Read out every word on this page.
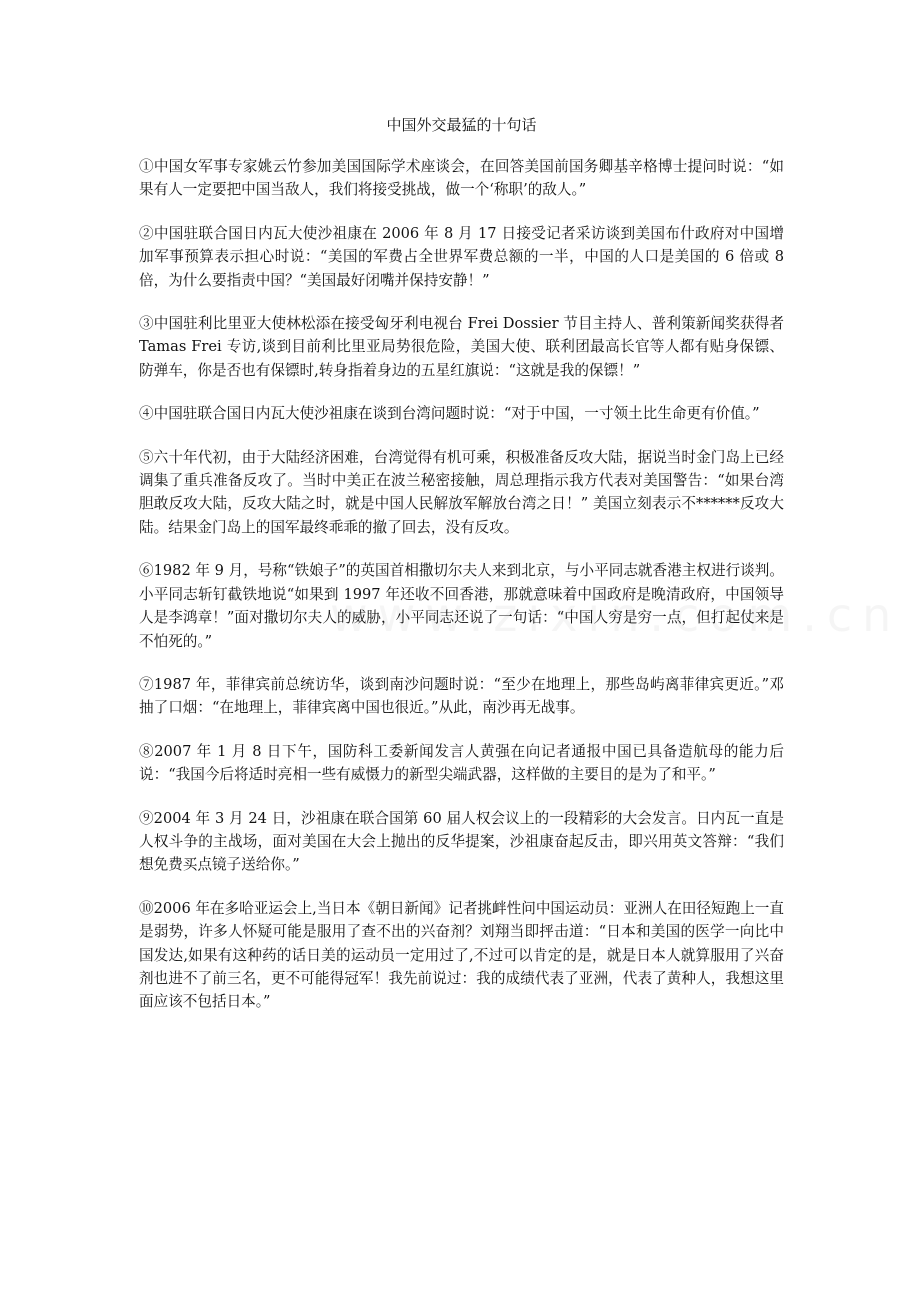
中国外交最猛的十句话

①中国女军事专家姚云竹参加美国国际学术座谈会，在回答美国前国务卿基辛格博士提问时说：“如果有人一定要把中国当敌人，我们将接受挑战，做一个‘称职’的敌人。”

②中国驻联合国日内瓦大使沙祖康在 2006 年 8 月 17 日接受记者采访谈到美国布什政府对中国增加军事预算表示担心时说：“美国的军费占全世界军费总额的一半，中国的人口是美国的 6 倍或 8 倍，为什么要指责中国？“美国最好闭嘴并保持安静！”

③中国驻利比里亚大使林松添在接受匈牙利电视台 Frei Dossier 节目主持人、普利策新闻奖获得者 Tamas Frei 专访,谈到目前利比里亚局势很危险，美国大使、联利团最高长官等人都有贴身保镖、防弹车，你是否也有保镖时,转身指着身边的五星红旗说：“这就是我的保镖！”

④中国驻联合国日内瓦大使沙祖康在谈到台湾问题时说：“对于中国，一寸领土比生命更有价值。”

⑤六十年代初，由于大陆经济困难，台湾觉得有机可乘，积极准备反攻大陆，据说当时金门岛上已经调集了重兵准备反攻了。当时中美正在波兰秘密接触，周总理指示我方代表对美国警告：“如果台湾胆敢反攻大陆，反攻大陆之时，就是中国人民解放军解放台湾之日！” 美国立刻表示不******反攻大陆。结果金门岛上的国军最终乖乖的撤了回去，没有反攻。

⑥1982 年 9 月，号称“铁娘子”的英国首相撒切尔夫人来到北京，与小平同志就香港主权进行谈判。小平同志斩钉截铁地说“如果到 1997 年还收不回香港，那就意味着中国政府是晚清政府，中国领导人是李鸿章！”面对撒切尔夫人的威胁，小平同志还说了一句话：“中国人穷是穷一点，但打起仗来是不怕死的。”

⑦1987 年，菲律宾前总统访华，谈到南沙问题时说：“至少在地理上，那些岛屿离菲律宾更近。”邓抽了口烟：“在地理上，菲律宾离中国也很近。”从此，南沙再无战事。

⑧2007 年 1 月 8 日下午，国防科工委新闻发言人黄强在向记者通报中国已具备造航母的能力后说：“我国今后将适时亮相一些有威慑力的新型尖端武器，这样做的主要目的是为了和平。”

⑨2004 年 3 月 24 日，沙祖康在联合国第 60 届人权会议上的一段精彩的大会发言。日内瓦一直是人权斗争的主战场，面对美国在大会上抛出的反华提案，沙祖康奋起反击，即兴用英文答辩：“我们想免费买点镜子送给你。”

⑩2006 年在多哈亚运会上,当日本《朝日新闻》记者挑衅性问中国运动员：亚洲人在田径短跑上一直是弱势，许多人怀疑可能是服用了查不出的兴奋剂？刘翔当即抨击道：“日本和美国的医学一向比中国发达,如果有这种药的话日美的运动员一定用过了,不过可以肯定的是，就是日本人就算服用了兴奋剂也进不了前三名，更不可能得冠军！我先前说过：我的成绩代表了亚洲，代表了黄种人，我想这里面应该不包括日本。”
